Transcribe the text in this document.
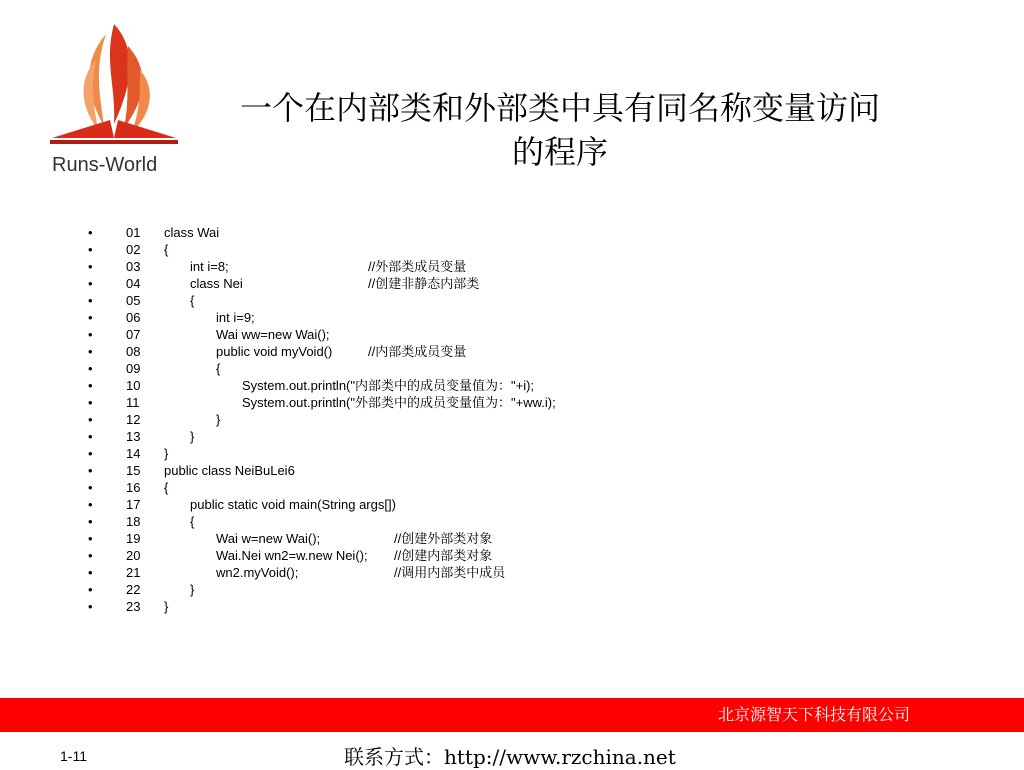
Runs-World
一个在内部类和外部类中具有同名称变量访问
的程序
•	01 class Wai
•	02 {
•	03	int i=8;	//外部类成员变量
•	04	class Nei	//创建非静态内部类
•	05	{
•	06	int i=9;
•	07	Wai ww=new Wai();
•	08	public void myVoid()	//内部类成员变量
•	09	{
•	10	System.out.println("内部类中的成员变量值为："+i);
•	11	System.out.println("外部类中的成员变量值为："+ww.i);
•	12	}
•	13	}
•	14 }
•	15 public class NeiBuLei6
•	16 {
•	17	public static void main(String args[])
•	18	{
•	19	Wai w=new Wai();	//创建外部类对象
•	20	Wai.Nei wn2=w.new Nei(); //创建内部类对象
•	21	wn2.myVoid();	//调用内部类中成员
•	22	}
•	23 }
北京源智天下科技有限公司
1-11	联系方式：http://www.rzchina.net
